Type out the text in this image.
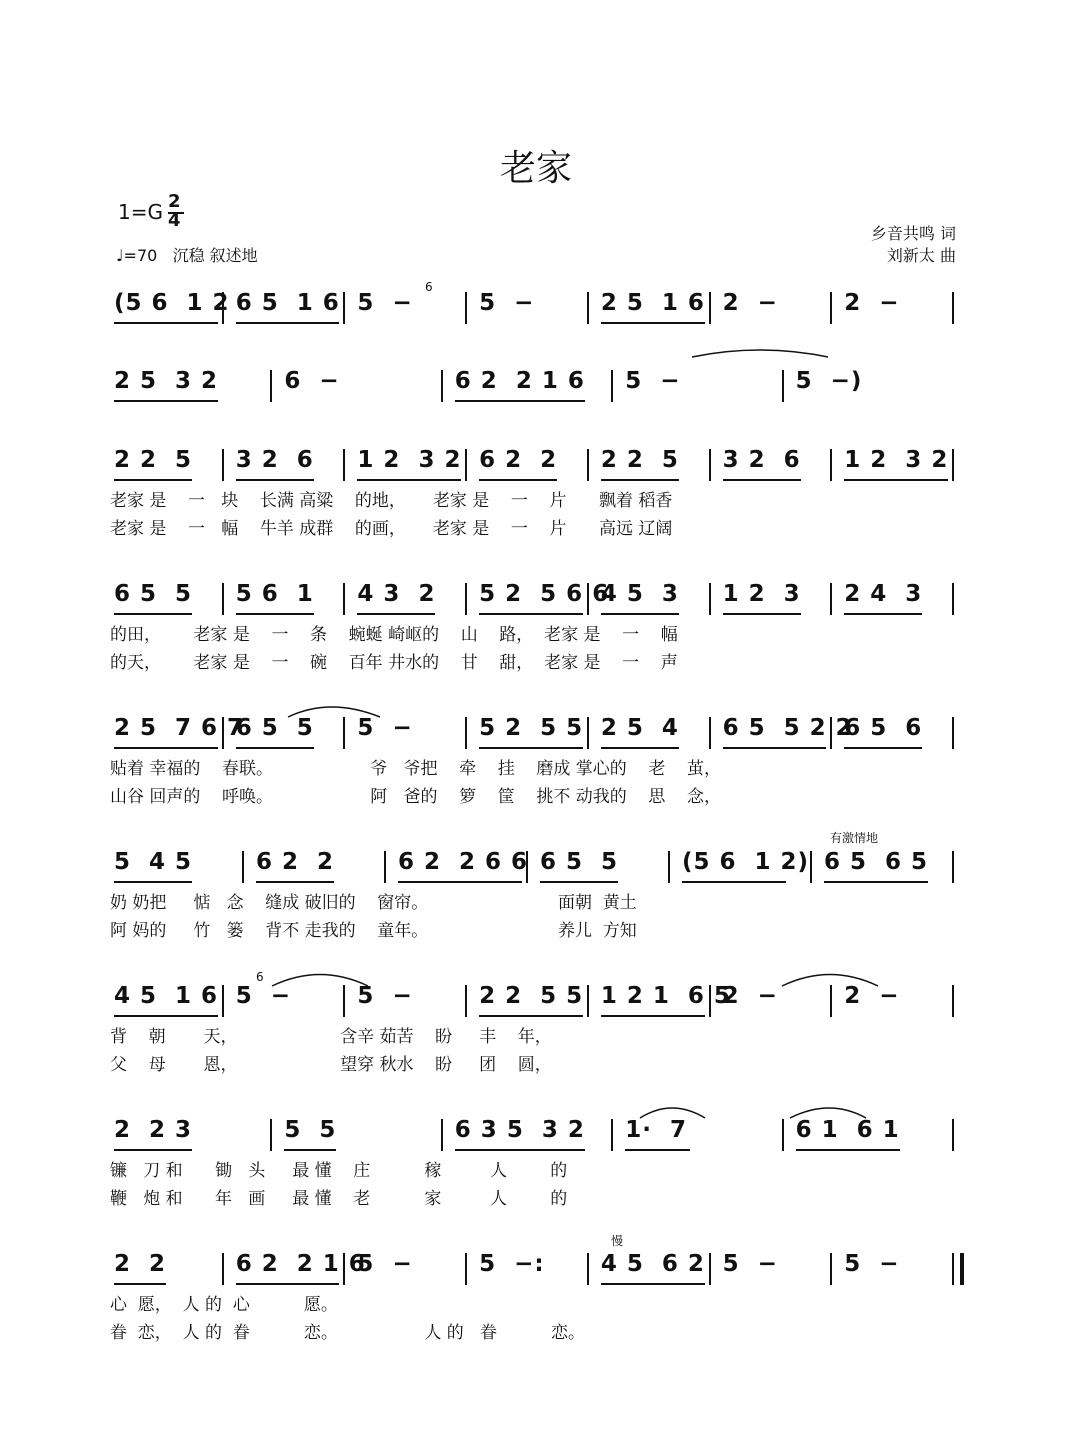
老家
1=G 2
4
♩=70 沉稳 叙述地
乡音共鸣 词
刘新太 曲
有激情地
慢
6
6
(5 6  1 2 6 5  1 6 5  −	5  −	2 5  1 6 2  −	2  −
2 5  3 2	6  −	6 2  2 1 6 5  −	5  −)
2 2  5 3 2  6 1 2  3 2 6 2  2 2 2  5 3 2  6 1 2  3 2
6 5  5 5 6  1 4 3  2 5 2  5 6 6
4 5  3 1 2  3 2 4  3
2 5  7 6 7
6 5  5 5  −	5 2  5 5 2 5  4 6 5  5 2 2
6 5  6
5  4 5	6 2  2	6 2  2 6 6 6 5  5	(5 6  1 2) 6 5  6 5
4 5  1 6 5  −	5  −	2 2  5 5 1 2 1  6 5
2  −	2  −
2  2 3	5  5	6 3 5  3 2 1·  7	6 1  6 1
2  2	6 2  2 1 6
5  −	5  −: 4 5  6 2 5  −	5  −
老家 是    一   块    长满 高粱    的地，     老家 是    一    片      飘着 稻香
老家 是    一   幅    牛羊 成群    的画，     老家 是    一    片      高远 辽阔
的田，      老家 是    一    条    蜿蜒 崎岖的    山    路，  老家 是    一    幅
的天，      老家 是    一    碗    百年 井水的    甘    甜，  老家 是    一    声
贴着 幸福的    春联。                  爷   爷把    牵    挂    磨成 掌心的    老    茧，
山谷 回声的    呼唤。                  阿   爸的    箩    筐    挑不 动我的    思    念，
奶 奶把     惦   念    缝成 破旧的    窗帘。                        面朝  黄土
阿 妈的     竹   篓    背不 走我的    童年。                        养儿  方知
背    朝       天，                   含辛 茹苦    盼     丰    年，
父    母       恩，                   望穿 秋水    盼     团    圆，
镰   刀 和      锄   头     最 懂    庄          稼         人        的
鞭   炮 和      年   画     最 懂    老          家         人        的
心  愿，  人 的  心          愿。
眷  恋，  人 的  眷          恋。                人 的   眷          恋。
